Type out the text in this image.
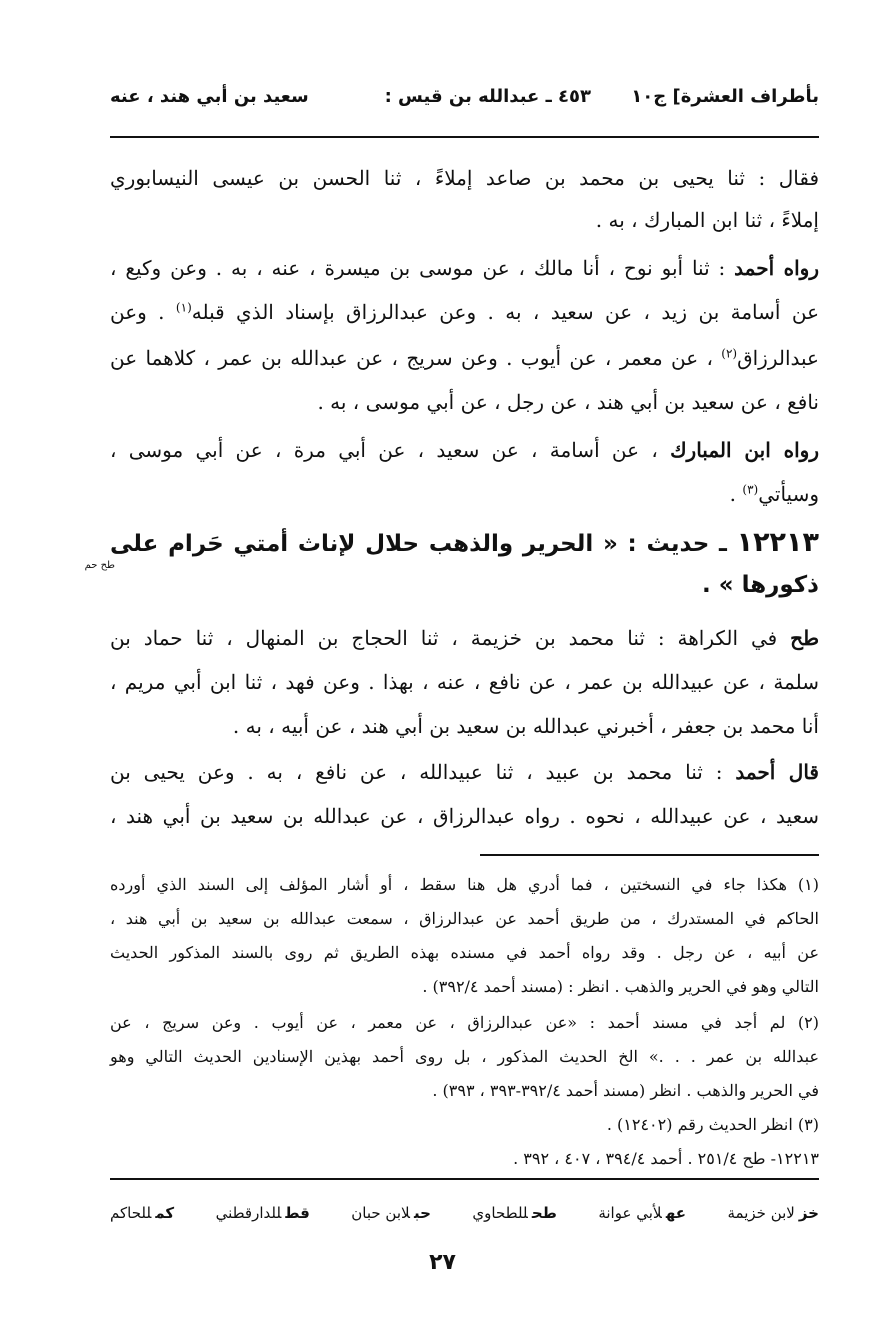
بأطراف العشرة] ج١٠
٤٥٣ ـ عبدالله بن قيس :
سعيد بن أبي هند ، عنه
فقال : ثنا يحيى بن محمد بن صاعد إملاءً ، ثنا الحسن بن عيسى النيسابوري
إملاءً ، ثنا ابن المبارك ، به .
رواه أحمد : ثنا أبو نوح ، أنا مالك ، عن موسى بن ميسرة ، عنه ، به . وعن وكيع ،
عن أسامة بن زيد ، عن سعيد ، به . وعن عبدالرزاق بإسناد الذي قبله$^{(١)}$ . وعن
عبدالرزاق$^{(٢)}$ ، عن معمر ، عن أيوب . وعن سريج ، عن عبدالله بن عمر ، كلاهما عن
نافع ، عن سعيد بن أبي هند ، عن رجل ، عن أبي موسى ، به .
رواه ابن المبارك ، عن أسامة ، عن سعيد ، عن أبي مرة ، عن أبي موسى ،
وسيأتي$^{(٣)}$ .
١٢٢١٣ ـ حديث : « الحرير والذهب حلال لإناث أمتي حَرام على
طح حم
ذكورها » .
طح في الكراهة : ثنا محمد بن خزيمة ، ثنا الحجاج بن المنهال ، ثنا حماد بن
سلمة ، عن عبيدالله بن عمر ، عن نافع ، عنه ، بهذا . وعن فهد ، ثنا ابن أبي مريم ،
أنا محمد بن جعفر ، أخبرني عبدالله بن سعيد بن أبي هند ، عن أبيه ، به .
قال أحمد : ثنا محمد بن عبيد ، ثنا عبيدالله ، عن نافع ، به . وعن يحيى بن
سعيد ، عن عبيدالله ، نحوه . رواه عبدالرزاق ، عن عبدالله بن سعيد بن أبي هند ،
(١) هكذا جاء في النسختين ، فما أدري هل هنا سقط ، أو أشار المؤلف إلى السند الذي أورده
الحاكم في المستدرك ، من طريق أحمد عن عبدالرزاق ، سمعت عبدالله بن سعيد بن أبي هند ،
عن أبيه ، عن رجل . وقد رواه أحمد في مسنده بهذه الطريق ثم روى بالسند المذكور الحديث
التالي وهو في الحرير والذهب . انظر : (مسند أحمد ٣٩٢/٤) .
(٢) لم أجد في مسند أحمد : «عن عبدالرزاق ، عن معمر ، عن أيوب . وعن سريج ، عن
عبدالله بن عمر . . .» الخ الحديث المذكور ، بل روى أحمد بهذين الإسنادين الحديث التالي وهو
في الحرير والذهب . انظر (مسند أحمد ٣٩٢/٤-٣٩٣ ، ٣٩٣) .
(٣) انظر الحديث رقم (١٢٤٠٢) .
١٢٢١٣- طح ٢٥١/٤ . أحمد ٣٩٤/٤ ، ٤٠٧ ، ٣٩٢ .
خزلابن خزيمة
عهلأبي عوانة
طحللطحاوي
حبلابن حبان
قطللدارقطني
كمللحاكم
٢٧
